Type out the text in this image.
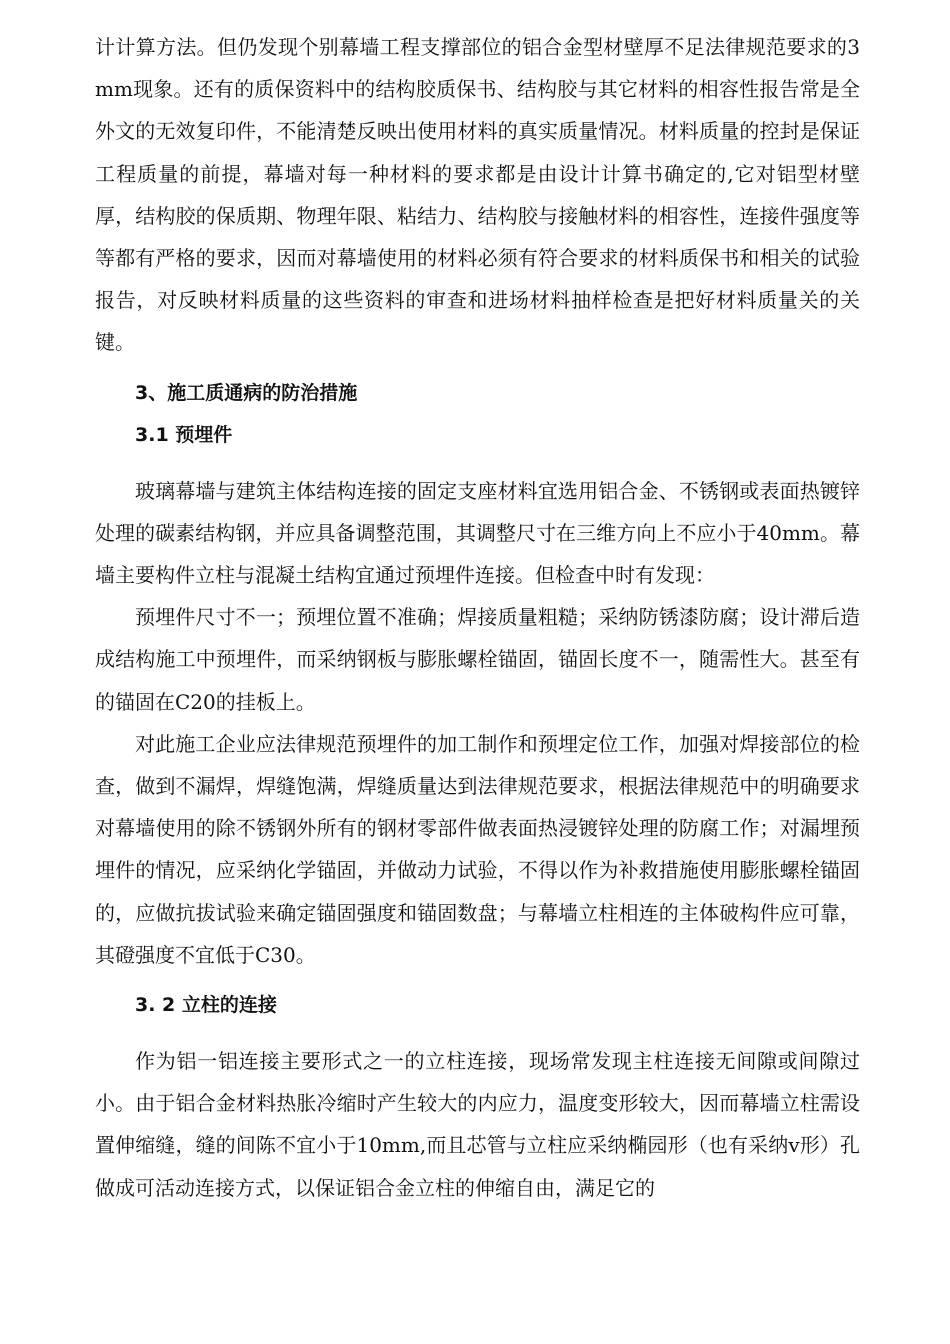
计计算方法。但仍发现个别幕墙工程支撑部位的铝合金型材壁厚不足法律规范要求的3mm现象。还有的质保资料中的结构胶质保书、结构胶与其它材料的相容性报告常是全外文的无效复印件，不能清楚反映出使用材料的真实质量情况。材料质量的控封是保证工程质量的前提，幕墙对每一种材料的要求都是由设计计算书确定的,它对铝型材壁厚，结构胶的保质期、物理年限、粘结力、结构胶与接触材料的相容性，连接件强度等等都有严格的要求，因而对幕墙使用的材料必须有符合要求的材料质保书和相关的试验报告，对反映材料质量的这些资料的审查和进场材料抽样检查是把好材料质量关的关键。

3、施工质通病的防治措施
3.1 预埋件

玻璃幕墙与建筑主体结构连接的固定支座材料宜选用铝合金、不锈钢或表面热镀锌处理的碳素结构钢，并应具备调整范围，其调整尺寸在三维方向上不应小于40mm。幕墙主要构件立柱与混凝土结构宜通过预埋件连接。但检查中时有发现：

预埋件尺寸不一；预埋位置不准确；焊接质量粗糙；采纳防锈漆防腐；设计滞后造成结构施工中预埋件，而采纳钢板与膨胀螺栓锚固，锚固长度不一，随需性大。甚至有的锚固在C20的挂板上。

对此施工企业应法律规范预埋件的加工制作和预埋定位工作，加强对焊接部位的检查，做到不漏焊，焊缝饱满，焊缝质量达到法律规范要求，根据法律规范中的明确要求对幕墙使用的除不锈钢外所有的钢材零部件做表面热浸镀锌处理的防腐工作；对漏埋预埋件的情况，应采纳化学锚固，并做动力试验，不得以作为补救措施使用膨胀螺栓锚固的，应做抗拔试验来确定锚固强度和锚固数盘；与幕墙立柱相连的主体破构件应可靠，其磴强度不宜低于C30。

3. 2 立柱的连接

作为铝一铝连接主要形式之一的立柱连接，现场常发现主柱连接无间隙或间隙过小。由于铝合金材料热胀冷缩时产生较大的内应力，温度变形较大，因而幕墙立柱需设置伸缩缝，缝的间陈不宜小于10mm,而且芯管与立柱应采纳椭园形（也有采纳v形）孔做成可活动连接方式，以保证铝合金立柱的伸缩自由，满足它的
